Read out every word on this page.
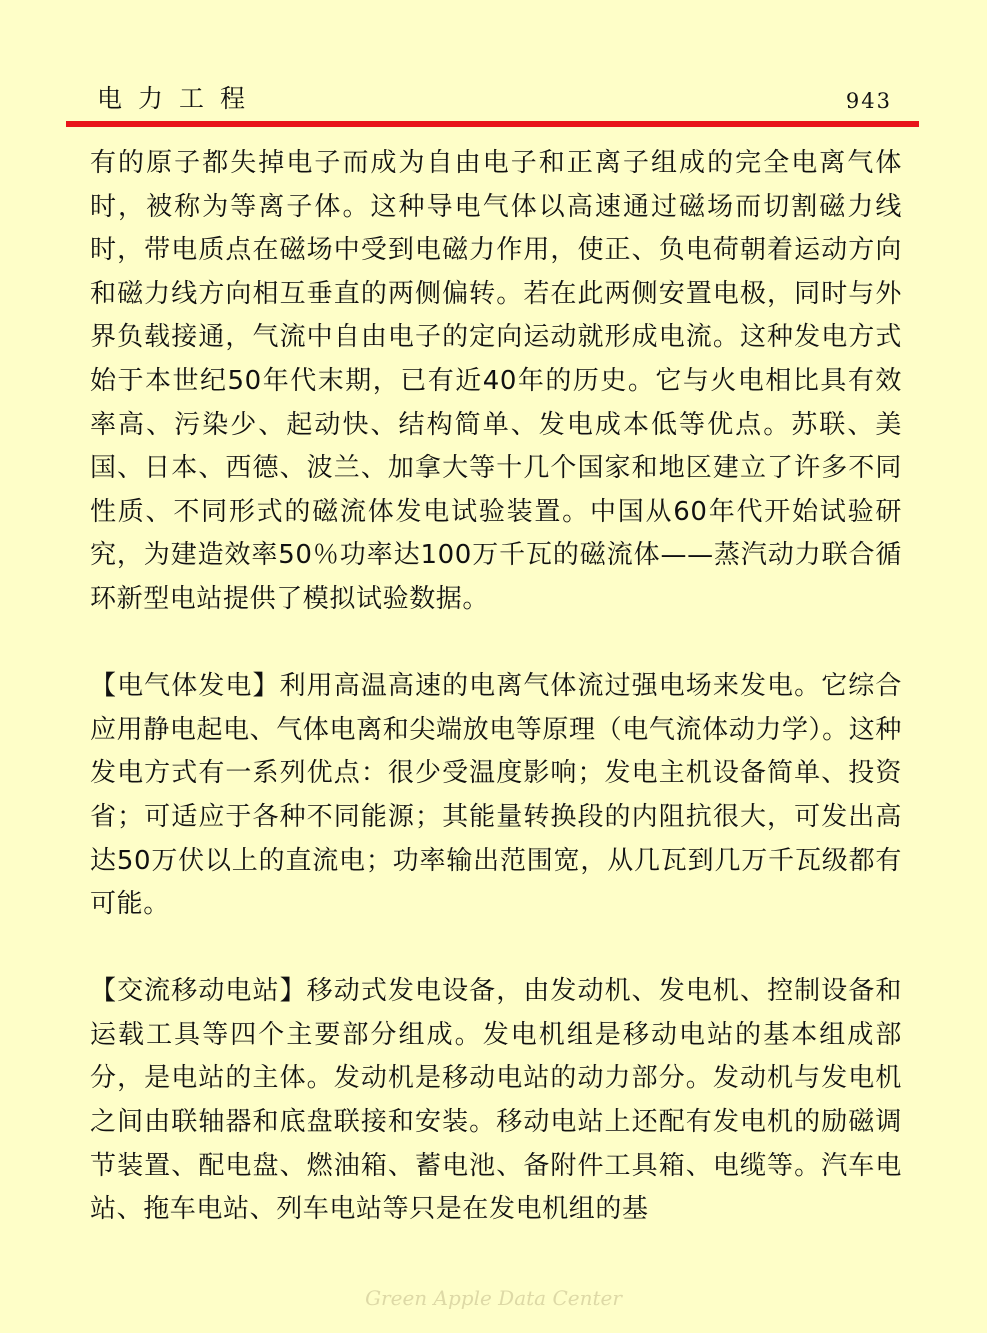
电力工程	943

有的原子都失掉电子而成为自由电子和正离子组成的完全电离气体时，被称为等离子体。这种导电气体以高速通过磁场而切割磁力线时，带电质点在磁场中受到电磁力作用，使正、负电荷朝着运动方向和磁力线方向相互垂直的两侧偏转。若在此两侧安置电极，同时与外界负载接通，气流中自由电子的定向运动就形成电流。这种发电方式始于本世纪50年代末期，已有近40年的历史。它与火电相比具有效率高、污染少、起动快、结构简单、发电成本低等优点。苏联、美国、日本、西德、波兰、加拿大等十几个国家和地区建立了许多不同性质、不同形式的磁流体发电试验装置。中国从60年代开始试验研究，为建造效率50％功率达100万千瓦的磁流体——蒸汽动力联合循环新型电站提供了模拟试验数据。

【电气体发电】利用高温高速的电离气体流过强电场来发电。它综合应用静电起电、气体电离和尖端放电等原理（电气流体动力学）。这种发电方式有一系列优点：很少受温度影响；发电主机设备简单、投资省；可适应于各种不同能源；其能量转换段的内阻抗很大，可发出高达50万伏以上的直流电；功率输出范围宽，从几瓦到几万千瓦级都有可能。

【交流移动电站】移动式发电设备，由发动机、发电机、控制设备和运载工具等四个主要部分组成。发电机组是移动电站的基本组成部分，是电站的主体。发动机是移动电站的动力部分。发动机与发电机之间由联轴器和底盘联接和安装。移动电站上还配有发电机的励磁调节装置、配电盘、燃油箱、蓄电池、备附件工具箱、电缆等。汽车电站、拖车电站、列车电站等只是在发电机组的基

Green Apple Data Center
